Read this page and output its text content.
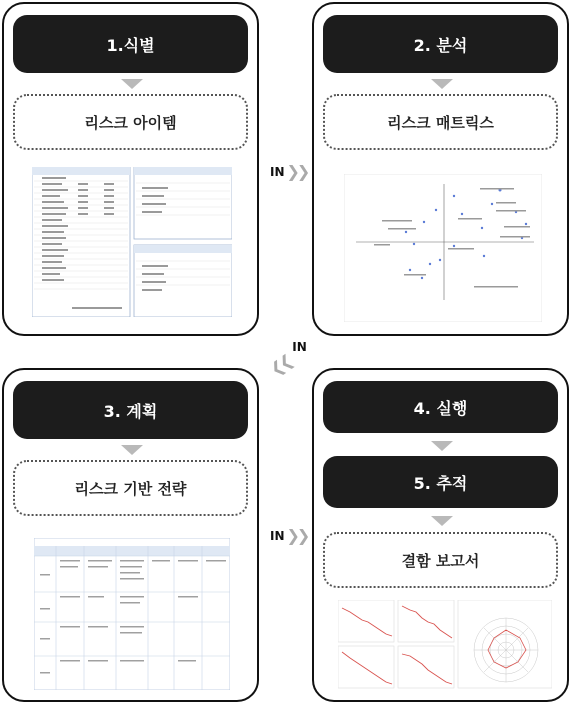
1.식별
리스크 아이템
2. 분석
리스크 매트릭스
3. 계획
리스크 기반 전략
4. 실행
5. 추적
결함 보고서
IN ❯❯
IN
❮❮
IN ❯❯
